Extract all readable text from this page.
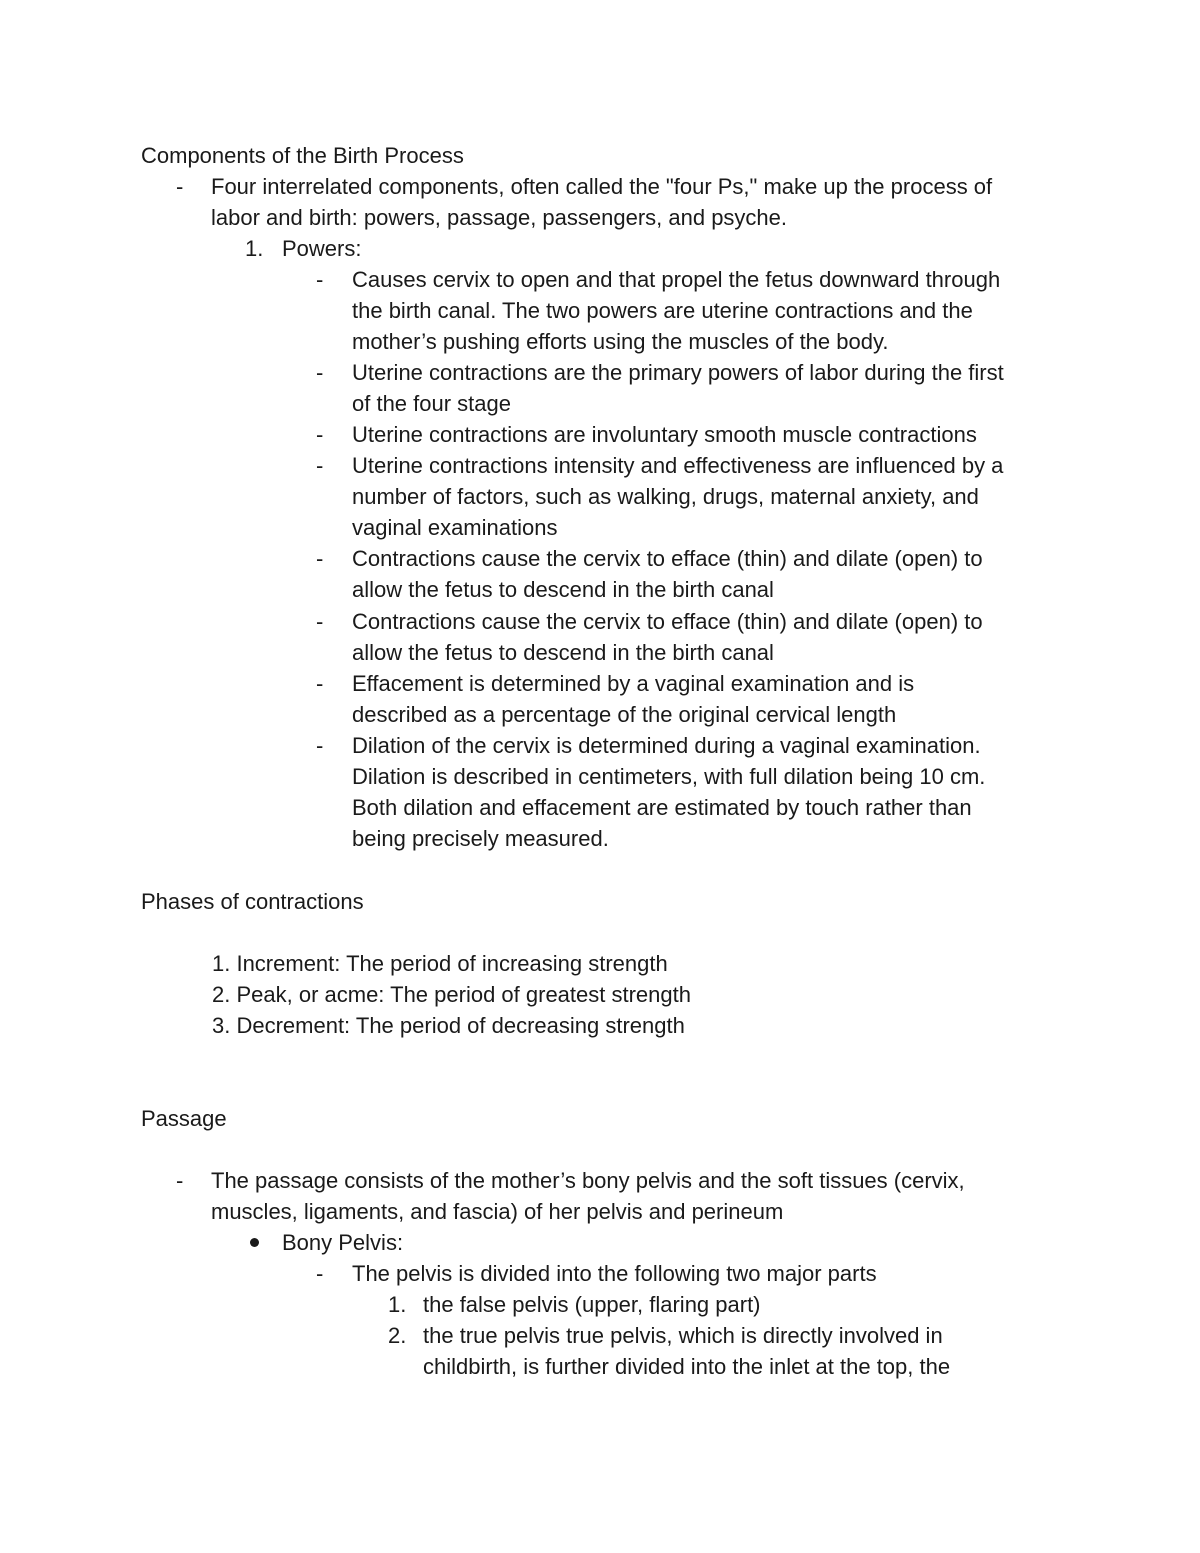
Components of the Birth Process
-	Four interrelated components, often called the "four Ps," make up the process of
labor and birth: powers, passage, passengers, and psyche.
1. Powers:
-	Causes cervix to open and that propel the fetus downward through
the birth canal. The two powers are uterine contractions and the
mother’s pushing efforts using the muscles of the body.
-	Uterine contractions are the primary powers of labor during the first
of the four stage
-	Uterine contractions are involuntary smooth muscle contractions
-	Uterine contractions intensity and effectiveness are influenced by a
number of factors, such as walking, drugs, maternal anxiety, and
vaginal examinations
-	Contractions cause the cervix to efface (thin) and dilate (open) to
allow the fetus to descend in the birth canal
-	Contractions cause the cervix to efface (thin) and dilate (open) to
allow the fetus to descend in the birth canal
-	Effacement is determined by a vaginal examination and is
described as a percentage of the original cervical length
-	Dilation of the cervix is determined during a vaginal examination.
Dilation is described in centimeters, with full dilation being 10 cm.
Both dilation and effacement are estimated by touch rather than
being precisely measured.
Phases of contractions
1. Increment: The period of increasing strength
2. Peak, or acme: The period of greatest strength
3. Decrement: The period of decreasing strength
Passage
-	The passage consists of the mother’s bony pelvis and the soft tissues (cervix,
muscles, ligaments, and fascia) of her pelvis and perineum
Bony Pelvis:
-	The pelvis is divided into the following two major parts
1. the false pelvis (upper, flaring part)
2. the true pelvis true pelvis, which is directly involved in
childbirth, is further divided into the inlet at the top, the
